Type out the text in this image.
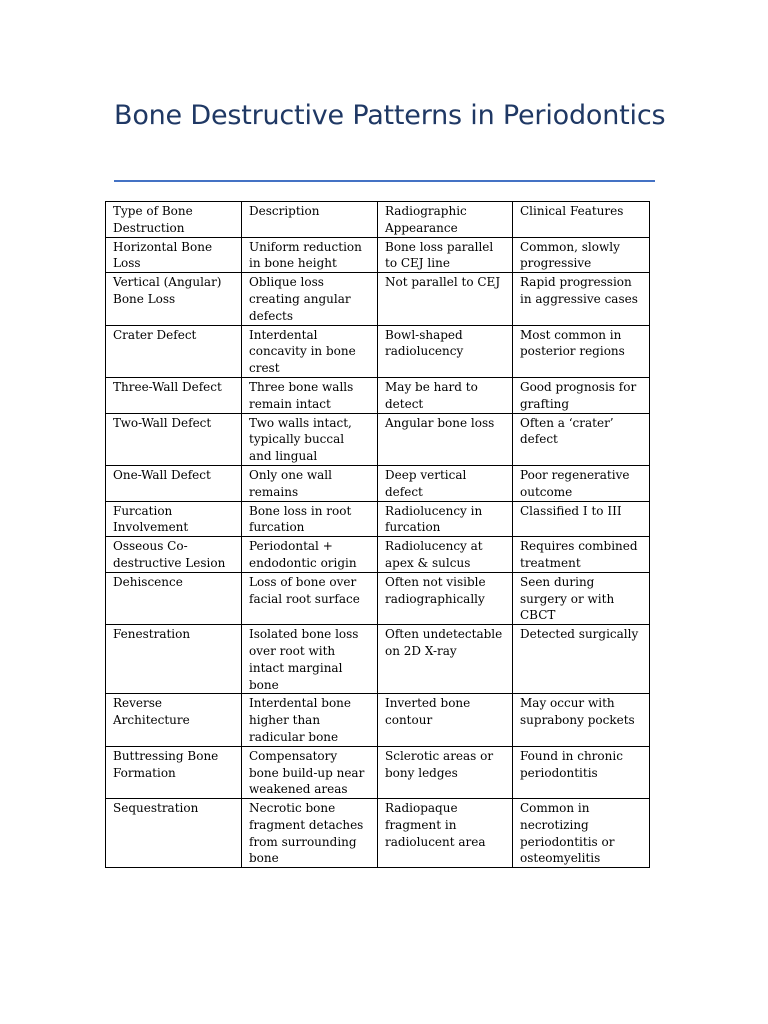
Bone Destructive Patterns in Periodontics
Type of Bone Destruction	Description	Radiographic Appearance	Clinical Features
Horizontal Bone Loss	Uniform reduction in bone height	Bone loss parallel to CEJ line	Common, slowly progressive
Vertical (Angular) Bone Loss	Oblique loss creating angular defects	Not parallel to CEJ	Rapid progression in aggressive cases
Crater Defect	Interdental concavity in bone crest	Bowl-shaped radiolucency	Most common in posterior regions
Three-Wall Defect	Three bone walls remain intact	May be hard to detect	Good prognosis for grafting
Two-Wall Defect	Two walls intact, typically buccal and lingual	Angular bone loss	Often a ‘crater’ defect
One-Wall Defect	Only one wall remains	Deep vertical defect	Poor regenerative outcome
Furcation Involvement	Bone loss in root furcation	Radiolucency in furcation	Classified I to III
Osseous Co-destructive Lesion	Periodontal + endodontic origin	Radiolucency at apex & sulcus	Requires combined treatment
Dehiscence	Loss of bone over facial root surface	Often not visible radiographically	Seen during surgery or with CBCT
Fenestration	Isolated bone loss over root with intact marginal bone	Often undetectable on 2D X-ray	Detected surgically
Reverse Architecture	Interdental bone higher than radicular bone	Inverted bone contour	May occur with suprabony pockets
Buttressing Bone Formation	Compensatory bone build-up near weakened areas	Sclerotic areas or bony ledges	Found in chronic periodontitis
Sequestration	Necrotic bone fragment detaches from surrounding bone	Radiopaque fragment in radiolucent area	Common in necrotizing periodontitis or osteomyelitis
